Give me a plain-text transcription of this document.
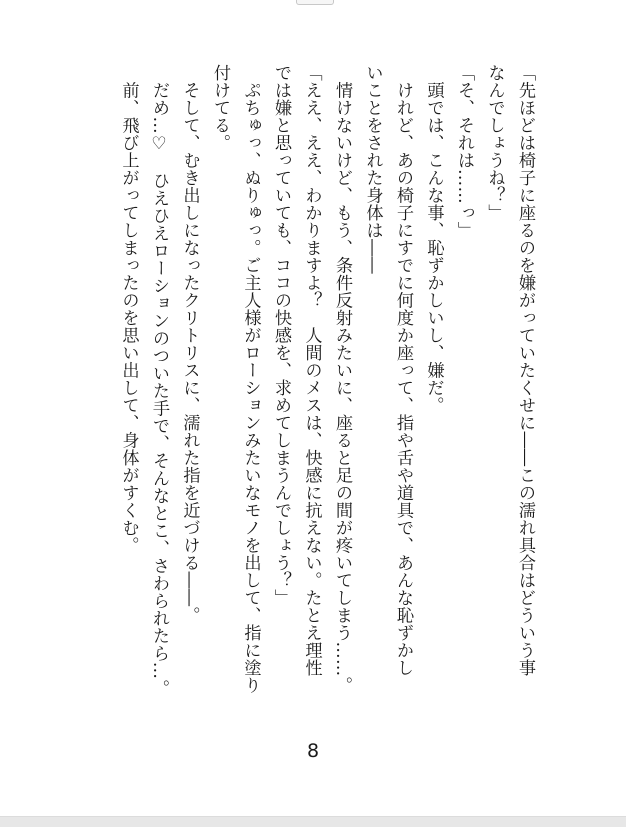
「先ほどは椅子に座るのを嫌がっていたくせに――この濡れ具合はどういう事

なんでしょうね？」

「そ、それは……っ」

　頭では、こんな事、恥ずかしいし、嫌だ。

　けれど、あの椅子にすでに何度か座って、指や舌や道具で、あんな恥ずかし

いことをされた身体は――

　情けないけど、もう、条件反射みたいに、座ると足の間が疼いてしまう……。

「ええ、ええ、わかりますよ？　人間のメスは、快感に抗えない。たとえ理性

では嫌と思っていても、ココの快感を、求めてしまうんでしょう？」

　ぷちゅっ、ぬりゅっ。ご主人様がローションみたいなモノを出して、指に塗り

付けてる。

　そして、むき出しになったクリトリスに、濡れた指を近づける――。

　だめ…♡　ひえひえローションのついた手で、そんなとこ、さわられたら…。

　前、飛び上がってしまったのを思い出して、身体がすくむ。

8
